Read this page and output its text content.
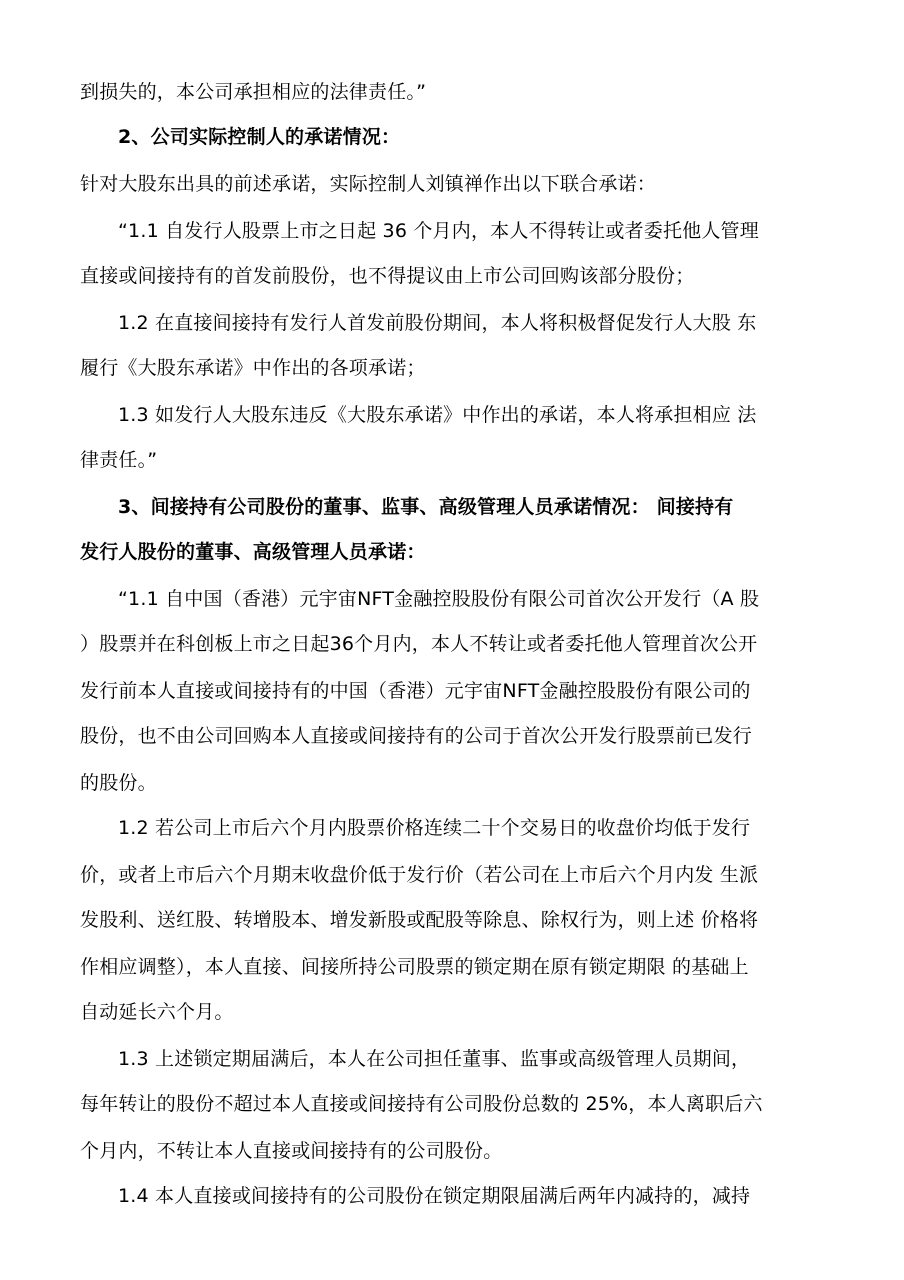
到损失的，本公司承担相应的法律责任。”
2、公司实际控制人的承诺情况：
针对大股东出具的前述承诺，实际控制人刘镇禅作出以下联合承诺：
“1.1 自发行人股票上市之日起 36 个月内，本人不得转让或者委托他人管理
直接或间接持有的首发前股份，也不得提议由上市公司回购该部分股份；
1.2 在直接间接持有发行人首发前股份期间，本人将积极督促发行人大股 东
履行《大股东承诺》中作出的各项承诺；
1.3 如发行人大股东违反《大股东承诺》中作出的承诺，本人将承担相应 法
律责任。”
3、间接持有公司股份的董事、监事、高级管理人员承诺情况： 间接持有
发行人股份的董事、高级管理人员承诺：
“1.1 自中国（香港）元宇宙NFT金融控股股份有限公司首次公开发行（A 股
）股票并在科创板上市之日起36个月内，本人不转让或者委托他人管理首次公开
发行前本人直接或间接持有的中国（香港）元宇宙NFT金融控股股份有限公司的
股份，也不由公司回购本人直接或间接持有的公司于首次公开发行股票前已发行
的股份。
1.2 若公司上市后六个月内股票价格连续二十个交易日的收盘价均低于发行
价，或者上市后六个月期末收盘价低于发行价（若公司在上市后六个月内发 生派
发股利、送红股、转增股本、增发新股或配股等除息、除权行为，则上述 价格将
作相应调整），本人直接、间接所持公司股票的锁定期在原有锁定期限 的基础上
自动延长六个月。
1.3 上述锁定期届满后，本人在公司担任董事、监事或高级管理人员期间，
每年转让的股份不超过本人直接或间接持有公司股份总数的 25%，本人离职后六
个月内，不转让本人直接或间接持有的公司股份。
1.4 本人直接或间接持有的公司股份在锁定期限届满后两年内减持的，减持
